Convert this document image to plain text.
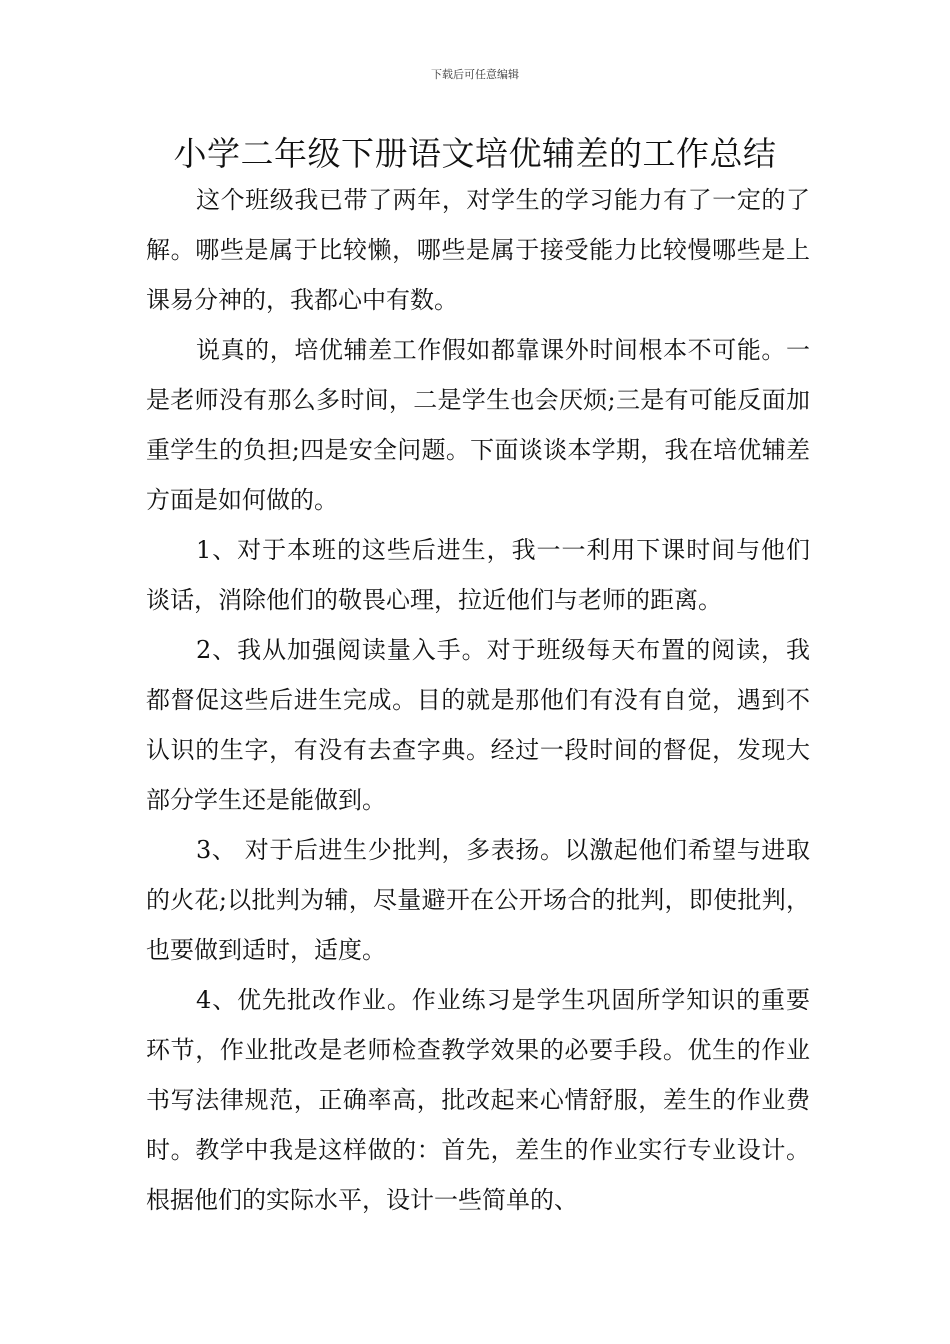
下载后可任意编辑
小学二年级下册语文培优辅差的工作总结

这个班级我已带了两年，对学生的学习能力有了一定的了解。哪些是属于比较懒，哪些是属于接受能力比较慢哪些是上课易分神的，我都心中有数。

说真的，培优辅差工作假如都靠课外时间根本不可能。一是老师没有那么多时间，二是学生也会厌烦;三是有可能反面加重学生的负担;四是安全问题。下面谈谈本学期，我在培优辅差方面是如何做的。

1、对于本班的这些后进生，我一一利用下课时间与他们谈话，消除他们的敬畏心理，拉近他们与老师的距离。

2、我从加强阅读量入手。对于班级每天布置的阅读，我都督促这些后进生完成。目的就是那他们有没有自觉，遇到不认识的生字，有没有去查字典。经过一段时间的督促，发现大部分学生还是能做到。

3、 对于后进生少批判，多表扬。以激起他们希望与进取的火花;以批判为辅，尽量避开在公开场合的批判，即使批判，也要做到适时，适度。

4、优先批改作业。作业练习是学生巩固所学知识的重要环节，作业批改是老师检查教学效果的必要手段。优生的作业书写法律规范，正确率高，批改起来心情舒服，差生的作业费时。教学中我是这样做的：首先，差生的作业实行专业设计。根据他们的实际水平，设计一些简单的、
